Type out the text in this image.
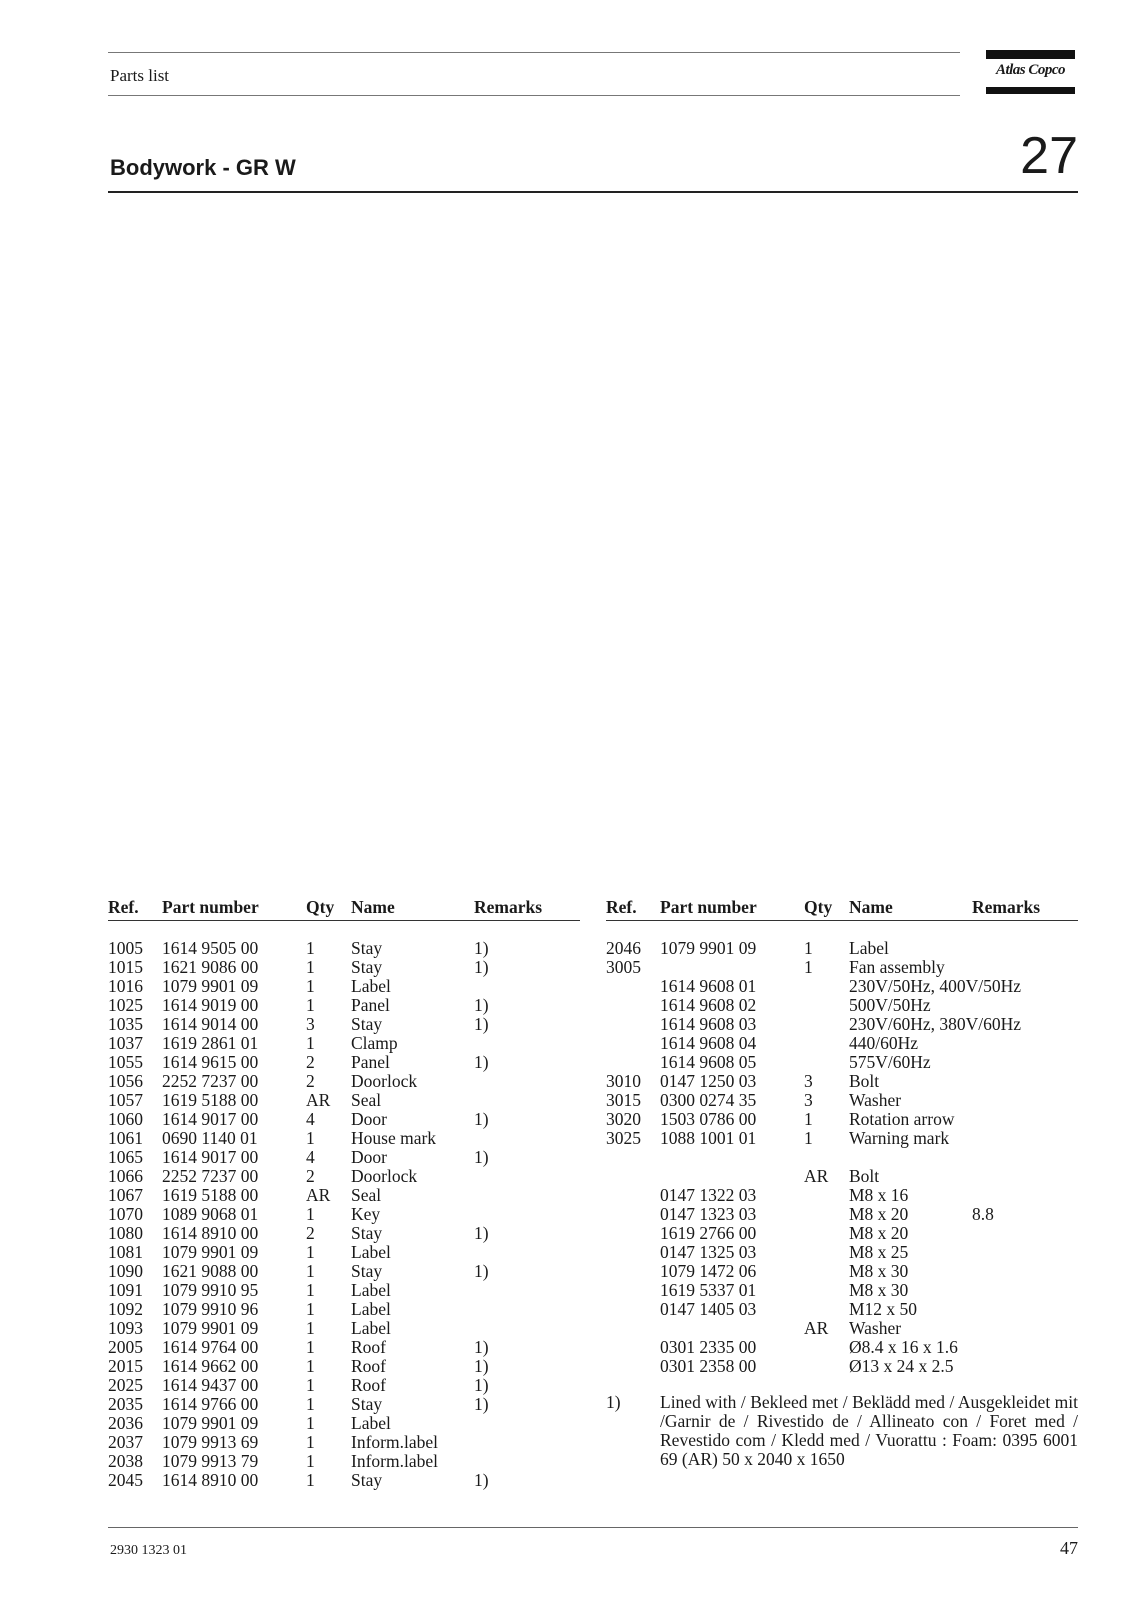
Parts list	Atlas Copco
Bodywork - GR W	27
Ref. Part number	Qty Name	Remarks
1005 1614 9505 00	1 Stay	1)
1015 1621 9086 00	1 Stay	1)
1016 1079 9901 09	1 Label
1025 1614 9019 00	1 Panel	1)
1035 1614 9014 00	3 Stay	1)
1037 1619 2861 01	1 Clamp
1055 1614 9615 00	2 Panel	1)
1056 2252 7237 00	2 Doorlock
1057 1619 5188 00	AR Seal
1060 1614 9017 00	4 Door	1)
1061 0690 1140 01	1 House mark
1065 1614 9017 00	4 Door	1)
1066 2252 7237 00	2 Doorlock
1067 1619 5188 00	AR Seal
1070 1089 9068 01	1 Key
1080 1614 8910 00	2 Stay	1)
1081 1079 9901 09	1 Label
1090 1621 9088 00	1 Stay	1)
1091 1079 9910 95	1 Label
1092 1079 9910 96	1 Label
1093 1079 9901 09	1 Label
2005 1614 9764 00	1 Roof	1)
2015 1614 9662 00	1 Roof	1)
2025 1614 9437 00	1 Roof	1)
2035 1614 9766 00	1 Stay	1)
2036 1079 9901 09	1 Label
2037 1079 9913 69	1 Inform.label
2038 1079 9913 79	1 Inform.label
2045 1614 8910 00	1 Stay	1)
Ref. Part number	Qty Name	Remarks
2046 1079 9901 09	1 Label
3005	1 Fan assembly
1614 9608 01	230V/50Hz, 400V/50Hz
1614 9608 02	500V/50Hz
1614 9608 03	230V/60Hz, 380V/60Hz
1614 9608 04	440/60Hz
1614 9608 05	575V/60Hz
3010 0147 1250 03	3 Bolt
3015 0300 0274 35	3 Washer
3020 1503 0786 00	1 Rotation arrow
3025 1088 1001 01	1 Warning mark
AR Bolt
0147 1322 03	M8 x 16
0147 1323 03	M8 x 20	8.8
1619 2766 00	M8 x 20
0147 1325 03	M8 x 25
1079 1472 06	M8 x 30
1619 5337 01	M8 x 30
0147 1405 03	M12 x 50
AR Washer
0301 2335 00	Ø8.4 x 16 x 1.6
0301 2358 00	Ø13 x 24 x 2.5
1) Lined with / Bekleed met / Beklädd med / Ausgekleidet mit /Garnir de / Rivestido de / Allineato con / Foret med / Revestido com / Kledd med / Vuorattu : Foam: 0395 6001 69 (AR) 50 x 2040 x 1650
2930 1323 01	47
